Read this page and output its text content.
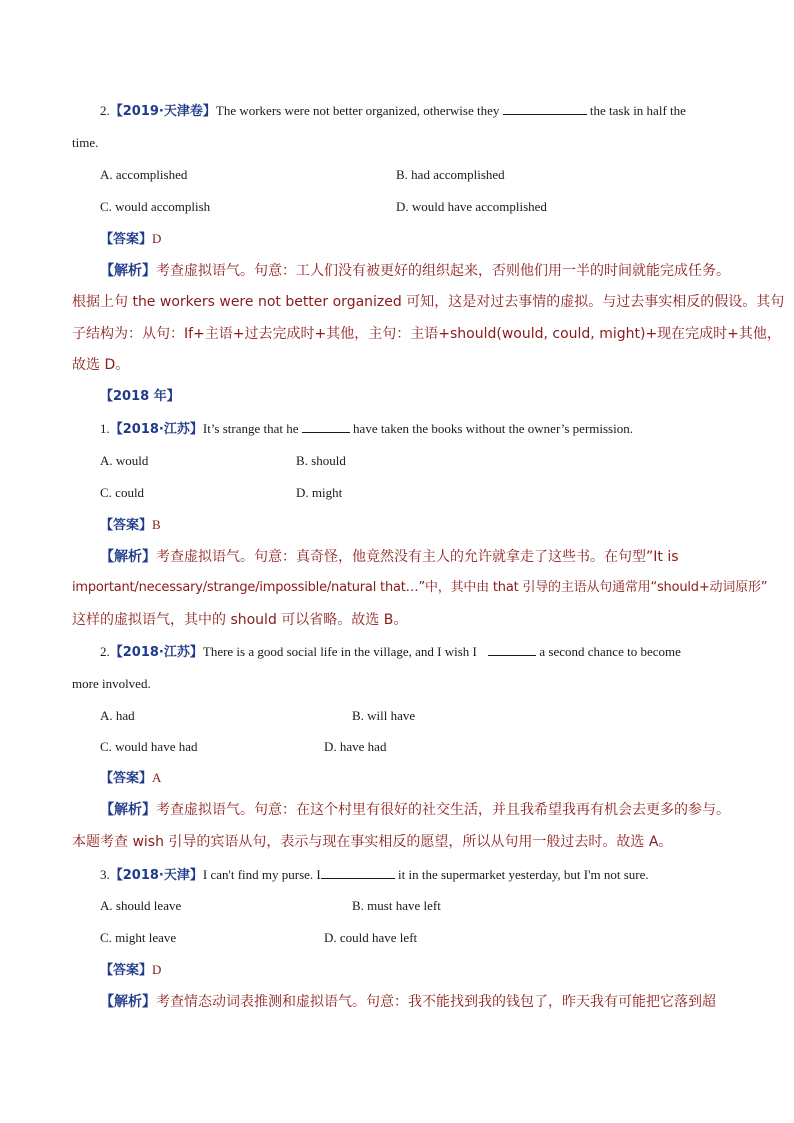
2.【2019·天津卷】The workers were not better organized, otherwise they	the task in half the
time.
A. accomplished	B. had accomplished
C. would accomplish	D. would have accomplished
【答案】D
【解析】考查虚拟语气。句意：工人们没有被更好的组织起来，否则他们用一半的时间就能完成任务。
根据上句 the workers were not better organized 可知，这是对过去事情的虚拟。与过去事实相反的假设。其句
子结构为：从句：If+主语+过去完成时+其他，主句：主语+should(would, could, might)+现在完成时+其他，
故选 D。
【2018 年】
1.【2018·江苏】It’s strange that he	have taken the books without the owner’s permission.
A. would	B. should
C. could	D. might
【答案】B
【解析】考查虚拟语气。句意：真奇怪，他竟然没有主人的允许就拿走了这些书。在句型”It is
important/necessary/strange/impossible/natural that…”中，其中由 that 引导的主语从句通常用“should+动词原形”
这样的虚拟语气，其中的 should 可以省略。故选 B。
2.【2018·江苏】There is a good social life in the village, and I wish I	a second chance to become
more involved.
A. had	B. will have
C. would have had	D. have had
【答案】A
【解析】考查虚拟语气。句意：在这个村里有很好的社交生活，并且我希望我再有机会去更多的参与。
本题考查 wish 引导的宾语从句，表示与现在事实相反的愿望，所以从句用一般过去时。故选 A。
3.【2018·天津】I can't find my purse. I	it in the supermarket yesterday, but I'm not sure.
A. should leave	B. must have left
C. might leave	D. could have left
【答案】D
【解析】考查情态动词表推测和虚拟语气。句意：我不能找到我的钱包了，昨天我有可能把它落到超
